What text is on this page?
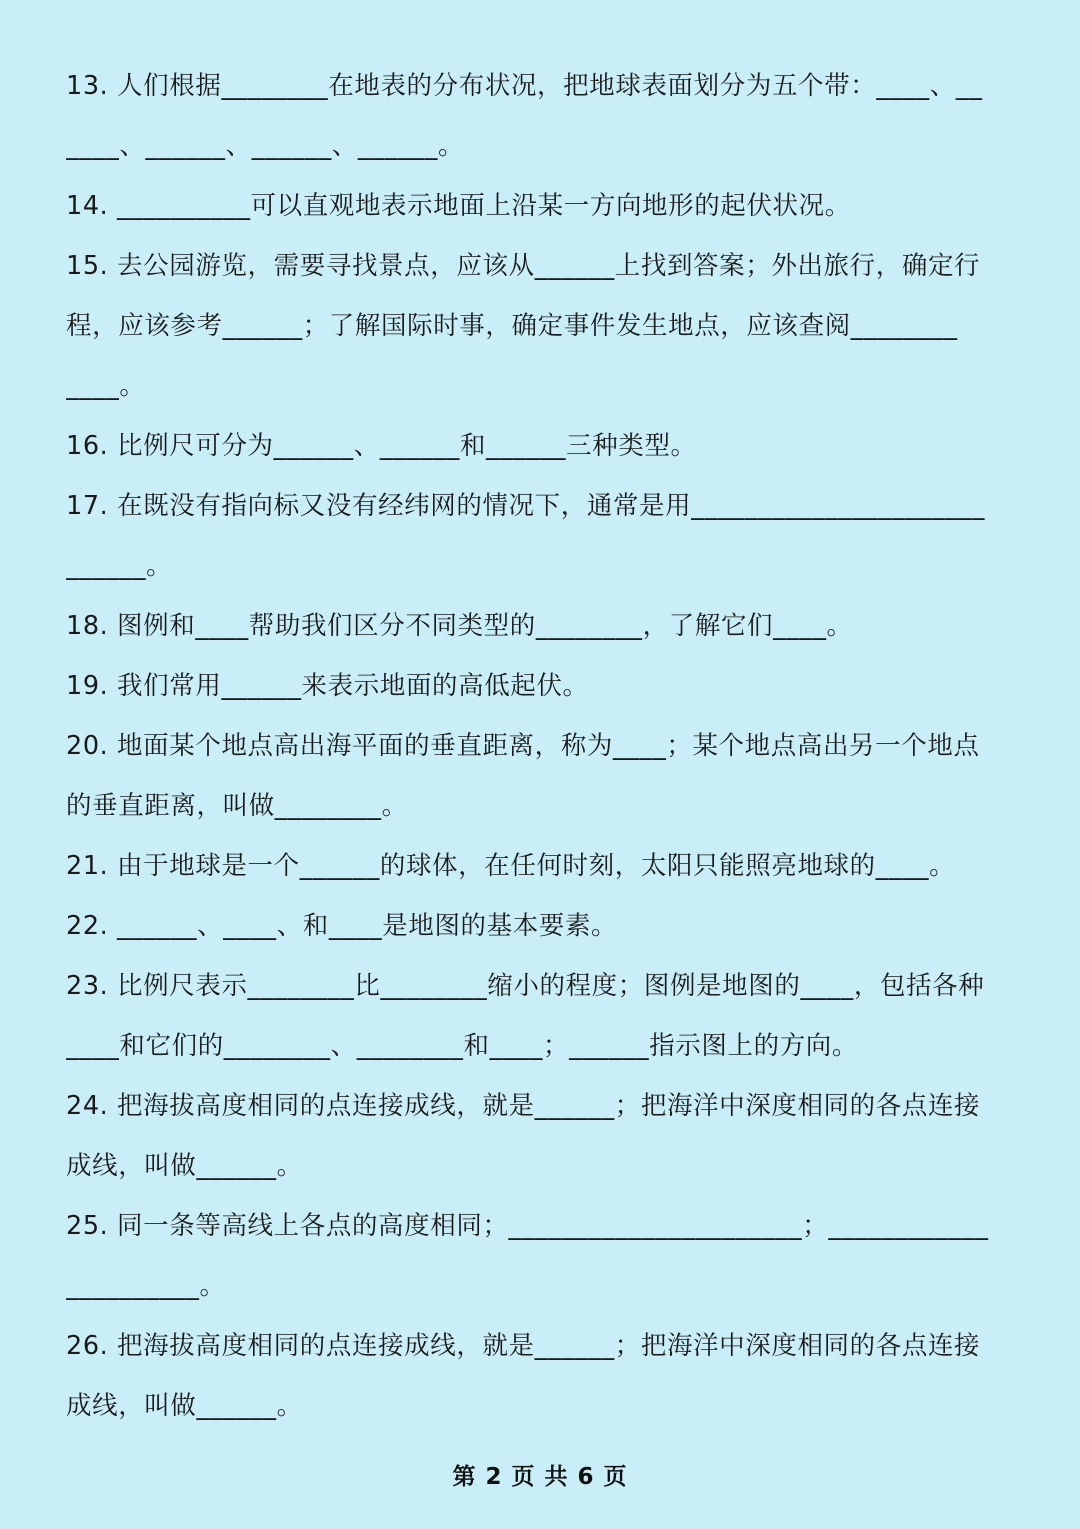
13. 人们根据________在地表的分布状况，把地球表面划分为五个带：____、__
____、______、______、______。
14. __________可以直观地表示地面上沿某一方向地形的起伏状况。
15. 去公园游览，需要寻找景点，应该从______上找到答案；外出旅行，确定行
程，应该参考______；了解国际时事，确定事件发生地点，应该查阅________
____。
16. 比例尺可分为______、______和______三种类型。
17. 在既没有指向标又没有经纬网的情况下，通常是用______________________
______。
18. 图例和____帮助我们区分不同类型的________，了解它们____。
19. 我们常用______来表示地面的高低起伏。
20. 地面某个地点高出海平面的垂直距离，称为____；某个地点高出另一个地点
的垂直距离，叫做________。
21. 由于地球是一个______的球体，在任何时刻，太阳只能照亮地球的____。
22. ______、____、和____是地图的基本要素。
23. 比例尺表示________比________缩小的程度；图例是地图的____，包括各种
____和它们的________、________和____；______指示图上的方向。
24. 把海拔高度相同的点连接成线，就是______；把海洋中深度相同的各点连接
成线，叫做______。
25. 同一条等高线上各点的高度相同；______________________；____________
__________。
26. 把海拔高度相同的点连接成线，就是______；把海洋中深度相同的各点连接
成线，叫做______。
第 2 页 共 6 页
